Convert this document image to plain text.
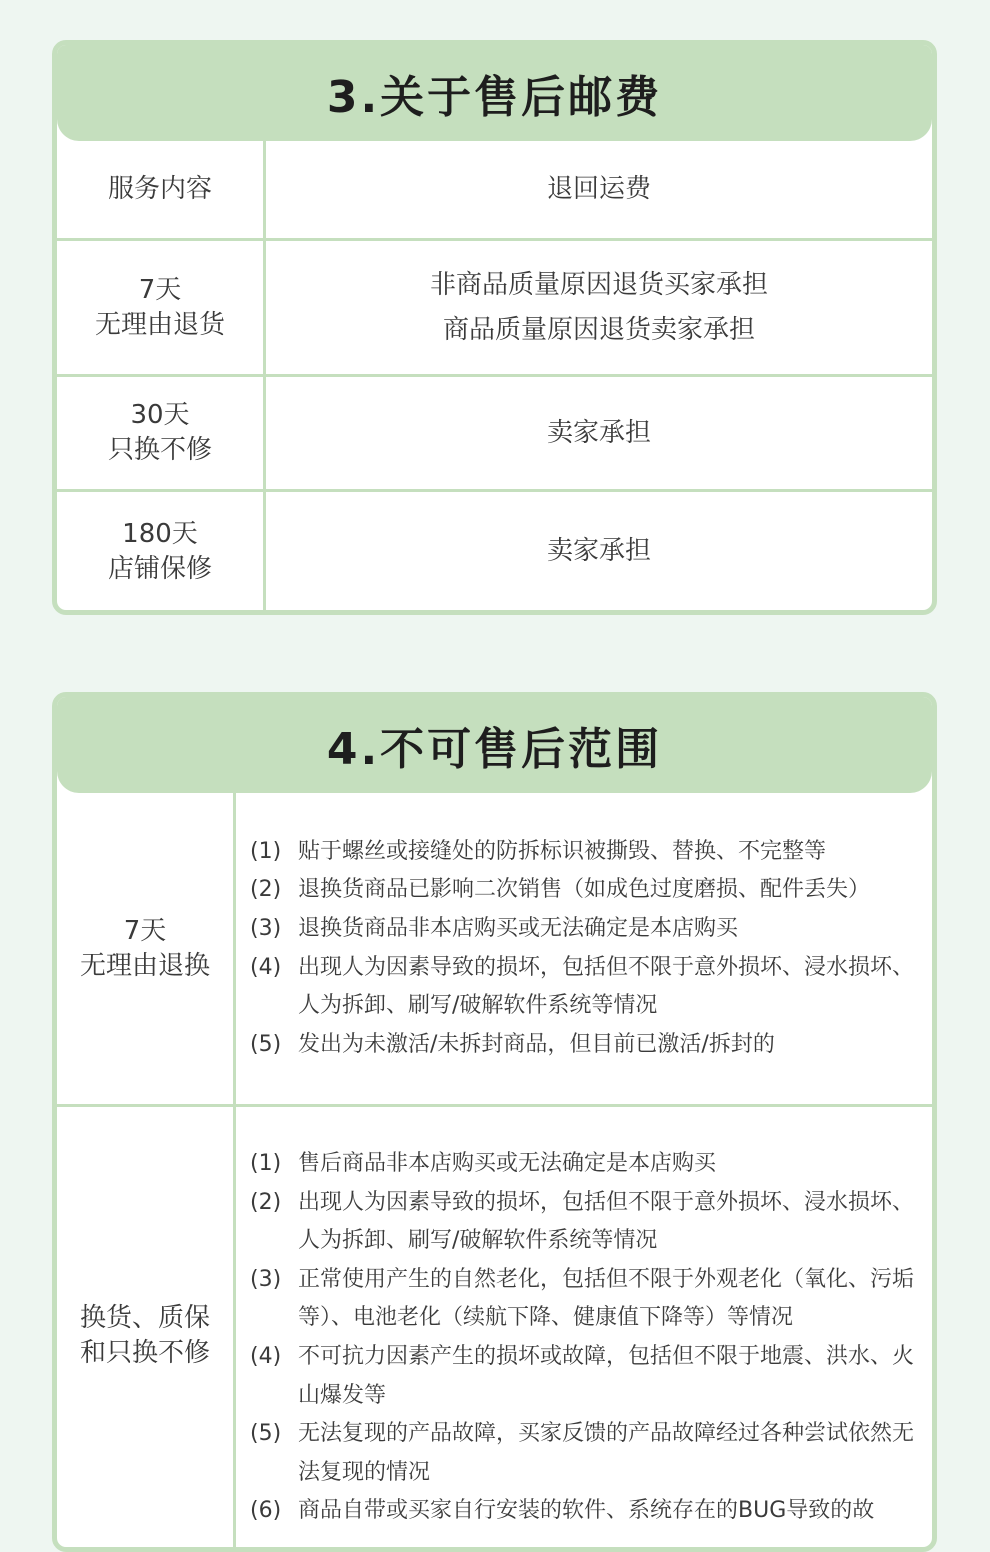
3.关于售后邮费
服务内容	退回运费
7天
无理由退货
非商品质量原因退货买家承担
商品质量原因退货卖家承担
30天
只换不修
卖家承担
180天
店铺保修
卖家承担
4.不可售后范围
7天
无理由退换
(1) 贴于螺丝或接缝处的防拆标识被撕毁、替换、不完整等
(2) 退换货商品已影响二次销售（如成色过度磨损、配件丢失）
(3) 退换货商品非本店购买或无法确定是本店购买
(4) 出现人为因素导致的损坏，包括但不限于意外损坏、浸水损坏、人为拆卸、刷写/破解软件系统等情况
(5) 发出为未激活/未拆封商品，但目前已激活/拆封的
换货、质保
和只换不修
(1) 售后商品非本店购买或无法确定是本店购买
(2) 出现人为因素导致的损坏，包括但不限于意外损坏、浸水损坏、人为拆卸、刷写/破解软件系统等情况
(3) 正常使用产生的自然老化，包括但不限于外观老化（氧化、污垢等）、电池老化（续航下降、健康值下降等）等情况
(4) 不可抗力因素产生的损坏或故障，包括但不限于地震、洪水、火山爆发等
(5) 无法复现的产品故障，买家反馈的产品故障经过各种尝试依然无法复现的情况
(6) 商品自带或买家自行安装的软件、系统存在的BUG导致的故
